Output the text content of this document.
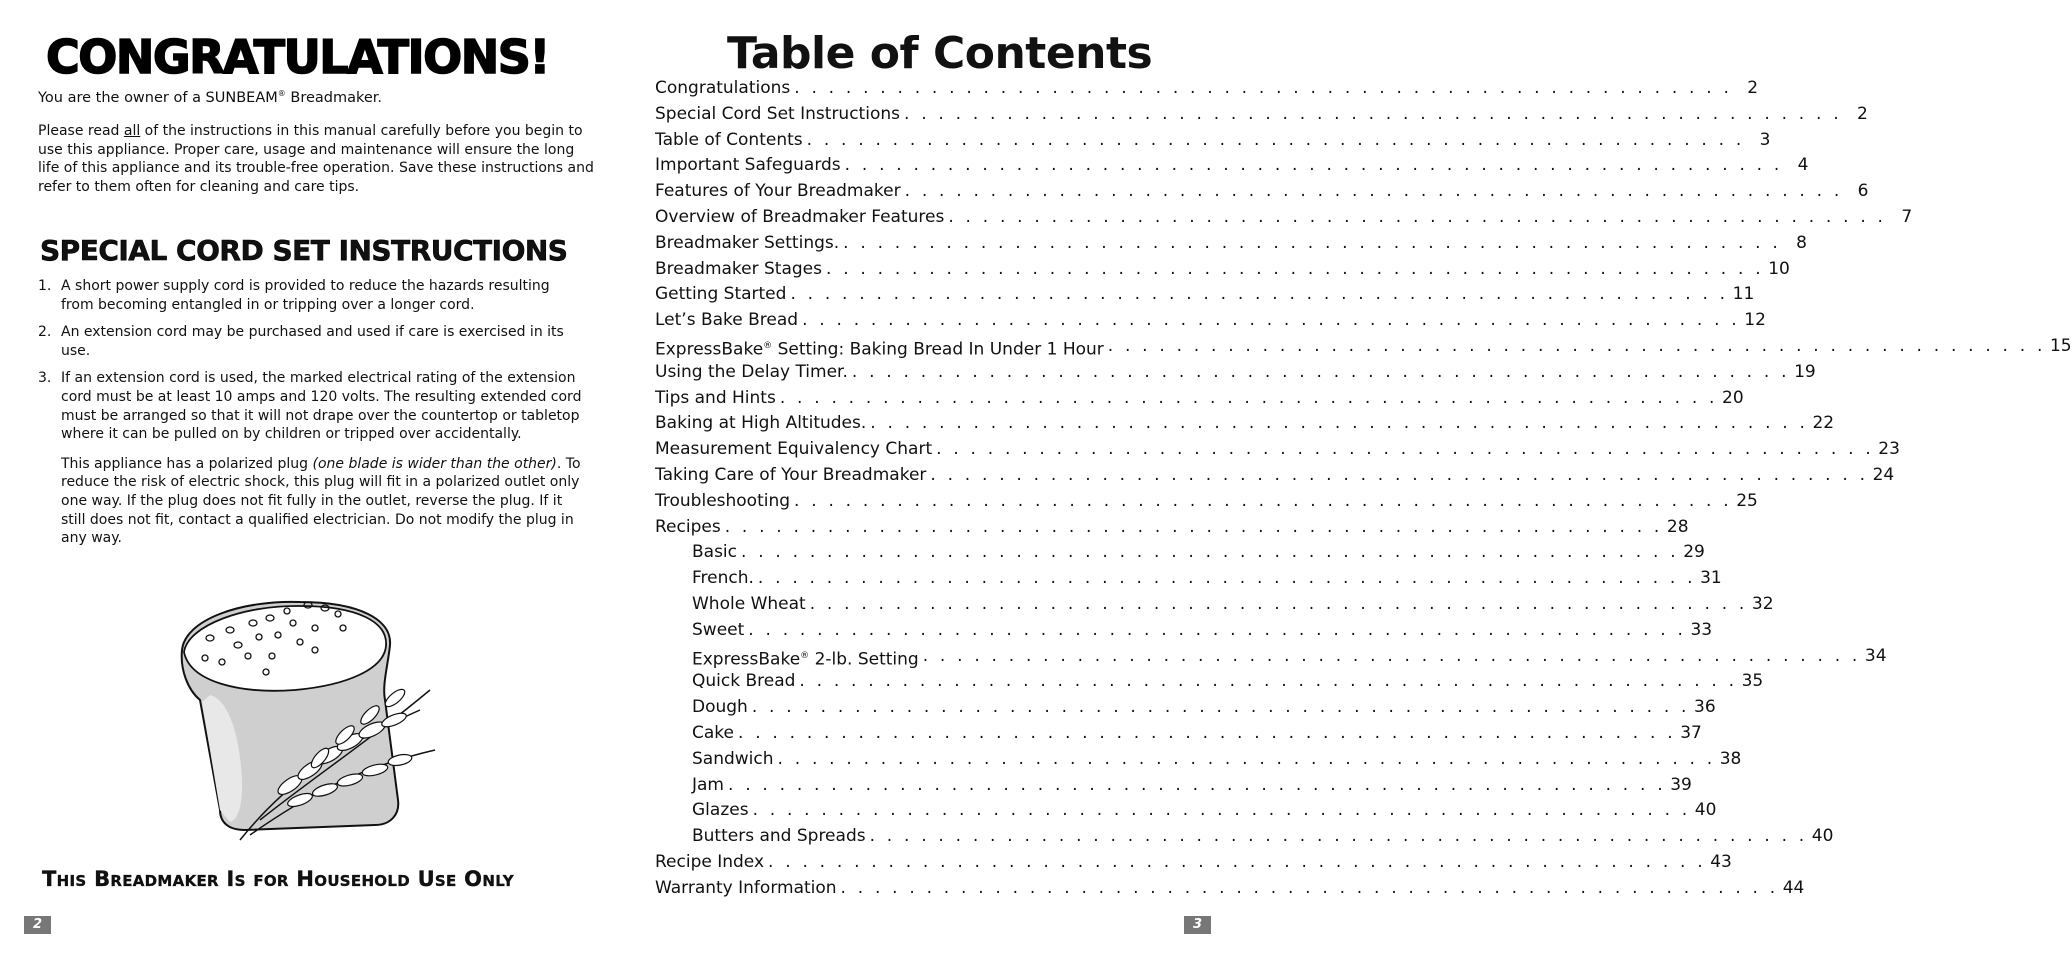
CONGRATULATIONS!
You are the owner of a SUNBEAM® Breadmaker.
Please read all of the instructions in this manual carefully before you begin to use this appliance. Proper care, usage and maintenance will ensure the long life of this appliance and its trouble-free operation. Save these instructions and refer to them often for cleaning and care tips.
SPECIAL CORD SET INSTRUCTIONS
1. A short power supply cord is provided to reduce the hazards resulting from becoming entangled in or tripping over a longer cord.
2. An extension cord may be purchased and used if care is exercised in its use.
3. If an extension cord is used, the marked electrical rating of the extension cord must be at least 10 amps and 120 volts. The resulting extended cord must be arranged so that it will not drape over the countertop or tabletop where it can be pulled on by children or tripped over accidentally.
This appliance has a polarized plug (one blade is wider than the other). To reduce the risk of electric shock, this plug will fit in a polarized outlet only one way. If the plug does not fit fully in the outlet, reverse the plug. If it still does not fit, contact a qualified electrician. Do not modify the plug in any way.
This Breadmaker Is for Household Use Only
2
Table of Contents
Congratulations . . . . . . . . . . . . . . . . . . . . . . . . . . . . . . . . . . . . . . . . . . . . . . . . . . . . . . . 2
Special Cord Set Instructions . . . . . . . . . . . . . . . . . . . . . . . . . . . . . . . . . . . . . . . . . . . . . . . . . . . . . . . 2
Table of Contents . . . . . . . . . . . . . . . . . . . . . . . . . . . . . . . . . . . . . . . . . . . . . . . . . . . . . . . 3
Important Safeguards . . . . . . . . . . . . . . . . . . . . . . . . . . . . . . . . . . . . . . . . . . . . . . . . . . . . . . . 4
Features of Your Breadmaker . . . . . . . . . . . . . . . . . . . . . . . . . . . . . . . . . . . . . . . . . . . . . . . . . . . . . . . 6
Overview of Breadmaker Features . . . . . . . . . . . . . . . . . . . . . . . . . . . . . . . . . . . . . . . . . . . . . . . . . . . . . . . 7
Breadmaker Settings. . . . . . . . . . . . . . . . . . . . . . . . . . . . . . . . . . . . . . . . . . . . . . . . . . . . . . . . 8
Breadmaker Stages . . . . . . . . . . . . . . . . . . . . . . . . . . . . . . . . . . . . . . . . . . . . . . . . . . . . . . . 10
Getting Started . . . . . . . . . . . . . . . . . . . . . . . . . . . . . . . . . . . . . . . . . . . . . . . . . . . . . . . 11
Let’s Bake Bread . . . . . . . . . . . . . . . . . . . . . . . . . . . . . . . . . . . . . . . . . . . . . . . . . . . . . . . 12
ExpressBake® Setting: Baking Bread In Under 1 Hour . . . . . . . . . . . . . . . . . . . . . . . . . . . . . . . . . . . . . . . . . . . . . . . . . . . . . . . 15
Using the Delay Timer. . . . . . . . . . . . . . . . . . . . . . . . . . . . . . . . . . . . . . . . . . . . . . . . . . . . . . . . 19
Tips and Hints . . . . . . . . . . . . . . . . . . . . . . . . . . . . . . . . . . . . . . . . . . . . . . . . . . . . . . . 20
Baking at High Altitudes. . . . . . . . . . . . . . . . . . . . . . . . . . . . . . . . . . . . . . . . . . . . . . . . . . . . . . . . 22
Measurement Equivalency Chart . . . . . . . . . . . . . . . . . . . . . . . . . . . . . . . . . . . . . . . . . . . . . . . . . . . . . . . 23
Taking Care of Your Breadmaker . . . . . . . . . . . . . . . . . . . . . . . . . . . . . . . . . . . . . . . . . . . . . . . . . . . . . . . 24
Troubleshooting . . . . . . . . . . . . . . . . . . . . . . . . . . . . . . . . . . . . . . . . . . . . . . . . . . . . . . . 25
Recipes . . . . . . . . . . . . . . . . . . . . . . . . . . . . . . . . . . . . . . . . . . . . . . . . . . . . . . . 28
Basic . . . . . . . . . . . . . . . . . . . . . . . . . . . . . . . . . . . . . . . . . . . . . . . . . . . . . . . 29
French. . . . . . . . . . . . . . . . . . . . . . . . . . . . . . . . . . . . . . . . . . . . . . . . . . . . . . . . 31
Whole Wheat . . . . . . . . . . . . . . . . . . . . . . . . . . . . . . . . . . . . . . . . . . . . . . . . . . . . . . . 32
Sweet . . . . . . . . . . . . . . . . . . . . . . . . . . . . . . . . . . . . . . . . . . . . . . . . . . . . . . . 33
ExpressBake® 2-lb. Setting . . . . . . . . . . . . . . . . . . . . . . . . . . . . . . . . . . . . . . . . . . . . . . . . . . . . . . . 34
Quick Bread . . . . . . . . . . . . . . . . . . . . . . . . . . . . . . . . . . . . . . . . . . . . . . . . . . . . . . . 35
Dough . . . . . . . . . . . . . . . . . . . . . . . . . . . . . . . . . . . . . . . . . . . . . . . . . . . . . . . 36
Cake . . . . . . . . . . . . . . . . . . . . . . . . . . . . . . . . . . . . . . . . . . . . . . . . . . . . . . . 37
Sandwich . . . . . . . . . . . . . . . . . . . . . . . . . . . . . . . . . . . . . . . . . . . . . . . . . . . . . . . 38
Jam . . . . . . . . . . . . . . . . . . . . . . . . . . . . . . . . . . . . . . . . . . . . . . . . . . . . . . . 39
Glazes . . . . . . . . . . . . . . . . . . . . . . . . . . . . . . . . . . . . . . . . . . . . . . . . . . . . . . . 40
Butters and Spreads . . . . . . . . . . . . . . . . . . . . . . . . . . . . . . . . . . . . . . . . . . . . . . . . . . . . . . . 40
Recipe Index . . . . . . . . . . . . . . . . . . . . . . . . . . . . . . . . . . . . . . . . . . . . . . . . . . . . . . . 43
Warranty Information . . . . . . . . . . . . . . . . . . . . . . . . . . . . . . . . . . . . . . . . . . . . . . . . . . . . . . . 44
3
